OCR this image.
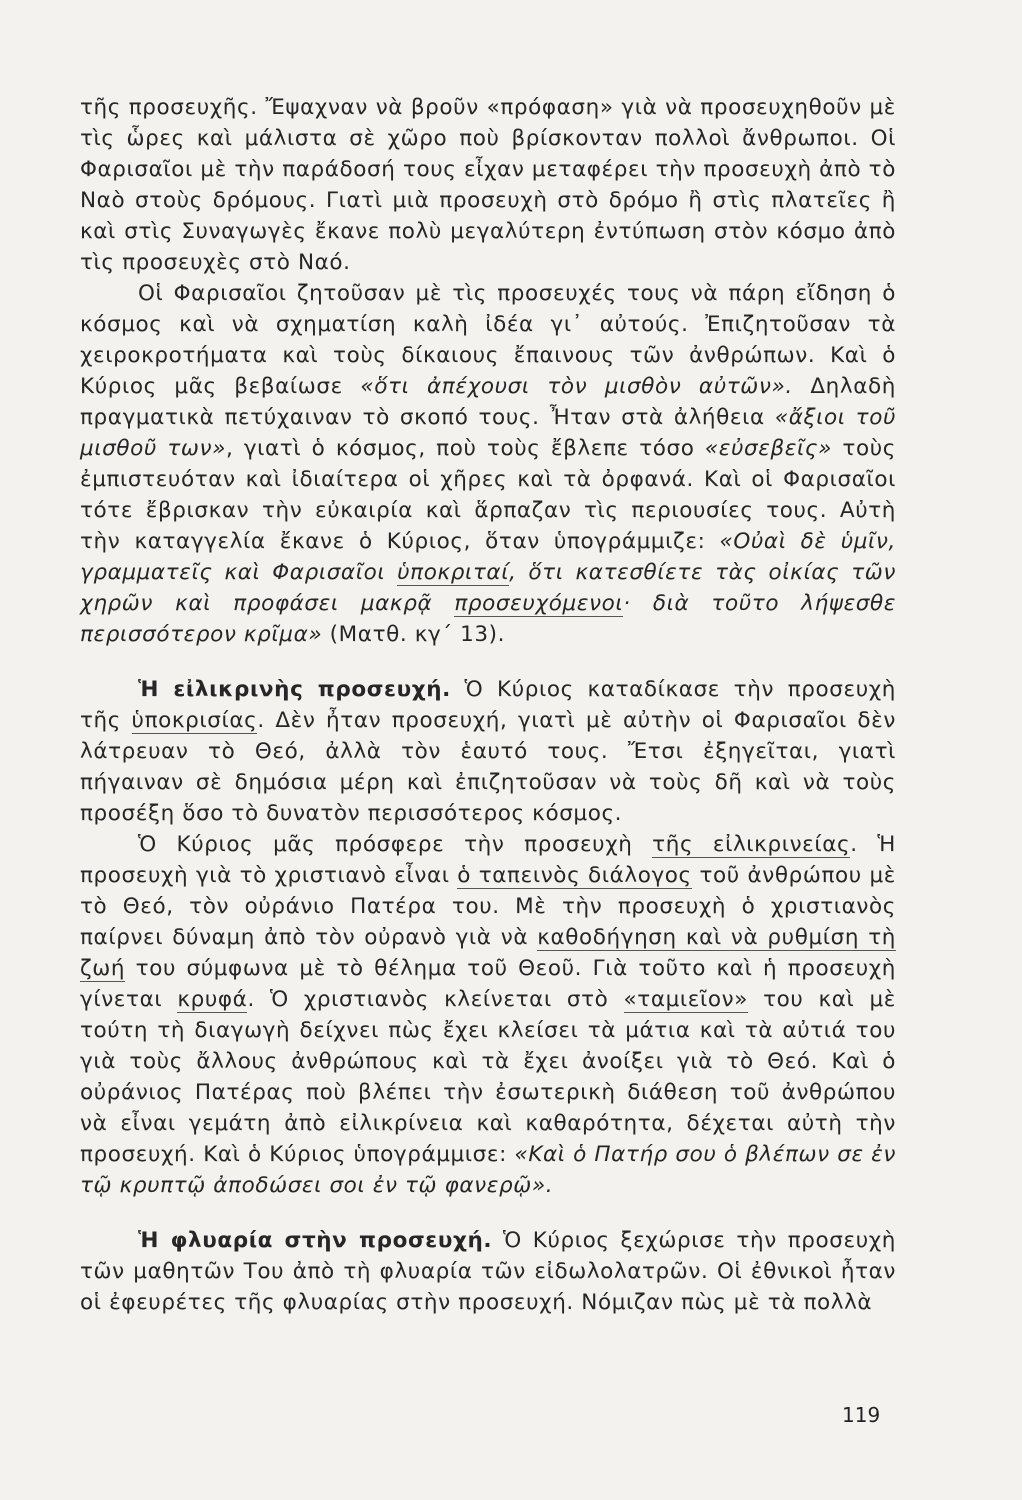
τῆς προσευχῆς. Ἔψαχναν νὰ βροῦν «πρόφαση» γιὰ νὰ προσευχηθοῦν μὲ τὶς ὧρες καὶ μάλιστα σὲ χῶρο ποὺ βρίσκονταν πολλοὶ ἄνθρωποι. Οἱ Φαρισαῖοι μὲ τὴν παράδοσή τους εἶχαν μεταφέρει τὴν προσευχὴ ἀπὸ τὸ Ναὸ στοὺς δρόμους. Γιατὶ μιὰ προσευχὴ στὸ δρόμο ἢ στὶς πλατεῖες ἢ καὶ στὶς Συναγωγὲς ἔκανε πολὺ μεγαλύτερη ἐντύπωση στὸν κόσμο ἀπὸ τὶς προσευχὲς στὸ Ναό.

Οἱ Φαρισαῖοι ζητοῦσαν μὲ τὶς προσευχές τους νὰ πάρη εἴδηση ὁ κόσμος καὶ νὰ σχηματίση καλὴ ἰδέα γι᾽ αὐτούς. Ἐπιζητοῦσαν τὰ χειροκροτήματα καὶ τοὺς δίκαιους ἔπαινους τῶν ἀνθρώπων. Καὶ ὁ Κύριος μᾶς βεβαίωσε «ὅτι ἀπέχουσι τὸν μισθὸν αὐτῶν». Δηλαδὴ πραγματικὰ πετύχαιναν τὸ σκοπό τους. Ἦταν στὰ ἀλήθεια «ἄξιοι τοῦ μισθοῦ των», γιατὶ ὁ κόσμος, ποὺ τοὺς ἔβλεπε τόσο «εὐσεβεῖς» τοὺς ἐμπιστευόταν καὶ ἰδιαίτερα οἱ χῆρες καὶ τὰ ὀρφανά. Καὶ οἱ Φαρισαῖοι τότε ἔβρισκαν τὴν εὐκαιρία καὶ ἅρπαζαν τὶς περιουσίες τους. Αὐτὴ τὴν καταγγελία ἔκανε ὁ Κύριος, ὅταν ὑπογράμμιζε: «Οὐαὶ δὲ ὑμῖν, γραμματεῖς καὶ Φαρισαῖοι ὑποκριταί, ὅτι κατεσθίετε τὰς οἰκίας τῶν χηρῶν καὶ προφάσει μακρᾷ προσευχόμενοι· διὰ τοῦτο λήψεσθε περισσότερον κρῖμα» (Ματθ. κγ´ 13).

Ἡ εἰλικρινὴς προσευχή. Ὁ Κύριος καταδίκασε τὴν προσευχὴ τῆς ὑποκρισίας. Δὲν ἦταν προσευχή, γιατὶ μὲ αὐτὴν οἱ Φαρισαῖοι δὲν λάτρευαν τὸ Θεό, ἀλλὰ τὸν ἑαυτό τους. Ἔτσι ἐξηγεῖται, γιατὶ πήγαιναν σὲ δημόσια μέρη καὶ ἐπιζητοῦσαν νὰ τοὺς δῆ καὶ νὰ τοὺς προσέξη ὅσο τὸ δυνατὸν περισσότερος κόσμος.

Ὁ Κύριος μᾶς πρόσφερε τὴν προσευχὴ τῆς εἰλικρινείας. Ἡ προσευχὴ γιὰ τὸ χριστιανὸ εἶναι ὁ ταπεινὸς διάλογος τοῦ ἀνθρώπου μὲ τὸ Θεό, τὸν οὐράνιο Πατέρα του. Μὲ τὴν προσευχὴ ὁ χριστιανὸς παίρνει δύναμη ἀπὸ τὸν οὐρανὸ γιὰ νὰ καθοδήγηση καὶ νὰ ρυθμίση τὴ ζωή του σύμφωνα μὲ τὸ θέλημα τοῦ Θεοῦ. Γιὰ τοῦτο καὶ ἡ προσευχὴ γίνεται κρυφά. Ὁ χριστιανὸς κλείνεται στὸ «ταμιεῖον» του καὶ μὲ τούτη τὴ διαγωγὴ δείχνει πὼς ἔχει κλείσει τὰ μάτια καὶ τὰ αὐτιά του γιὰ τοὺς ἄλλους ἀνθρώπους καὶ τὰ ἔχει ἀνοίξει γιὰ τὸ Θεό. Καὶ ὁ οὐράνιος Πατέρας ποὺ βλέπει τὴν ἐσωτερικὴ διάθεση τοῦ ἀνθρώπου νὰ εἶναι γεμάτη ἀπὸ εἰλικρίνεια καὶ καθαρότητα, δέχεται αὐτὴ τὴν προσευχή. Καὶ ὁ Κύριος ὑπογράμμισε: «Καὶ ὁ Πατήρ σου ὁ βλέπων σε ἐν τῷ κρυπτῷ ἀποδώσει σοι ἐν τῷ φανερῷ».

Ἡ φλυαρία στὴν προσευχή. Ὁ Κύριος ξεχώρισε τὴν προσευχὴ τῶν μαθητῶν Του ἀπὸ τὴ φλυαρία τῶν εἰδωλολατρῶν. Οἱ ἐθνικοὶ ἦταν οἱ ἐφευρέτες τῆς φλυαρίας στὴν προσευχή. Νόμιζαν πὼς μὲ τὰ πολλὰ

119
